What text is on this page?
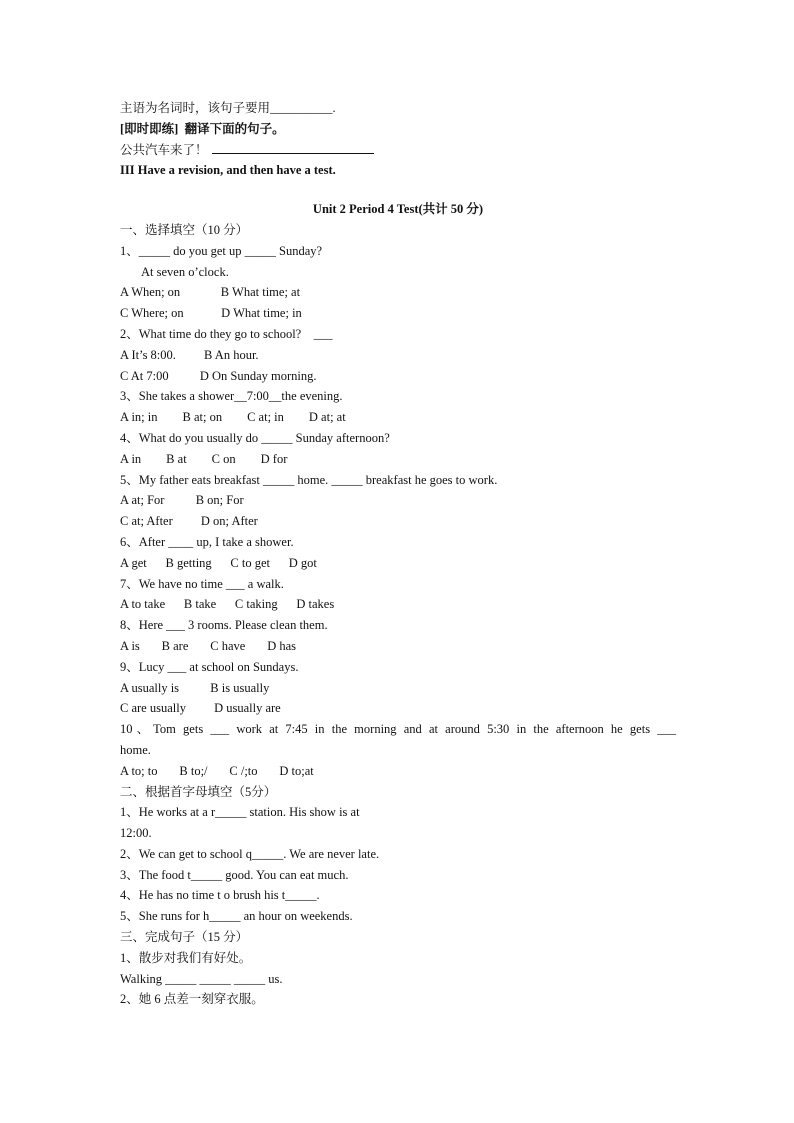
主语为名词时，该句子要用__________.
[即时即练]  翻译下面的句子。
公共汽车来了！
III Have a revision, and then have a test.
Unit 2 Period 4 Test(共计 50 分)
一、选择填空（10 分）
1、_____ do you get up _____ Sunday?
At seven o’clock.
A When; on             B What time; at
C Where; on            D What time; in
2、What time do they go to school?    ___
A It’s 8:00.         B An hour.
C At 7:00          D On Sunday morning.
3、She takes a shower__7:00__the evening.
A in; in        B at; on        C at; in        D at; at
4、What do you usually do _____ Sunday afternoon?
A in        B at        C on        D for
5、My father eats breakfast _____ home. _____ breakfast he goes to work.
A at; For          B on; For
C at; After         D on; After
6、After ____ up, I take a shower.
A get      B getting      C to get      D got
7、We have no time ___ a walk.
A to take      B take      C taking      D takes
8、Here ___ 3 rooms. Please clean them.
A is       B are       C have       D has
9、Lucy ___ at school on Sundays.
A usually is          B is usually
C are usually         D usually are
10、Tom gets ___ work at 7:45 in the morning and at around 5:30 in the afternoon he gets ___
home.
A to; to       B to;/       C /;to       D to;at
二、根据首字母填空（5分）
1、He works at a r_____ station. His show is at
12:00.
2、We can get to school q_____. We are never late.
3、The food t_____ good. You can eat much.
4、He has no time t o brush his t_____.
5、She runs for h_____ an hour on weekends.
三、完成句子（15 分）
1、散步对我们有好处。
Walking _____ _____ _____ us.
2、她 6 点差一刻穿衣服。
